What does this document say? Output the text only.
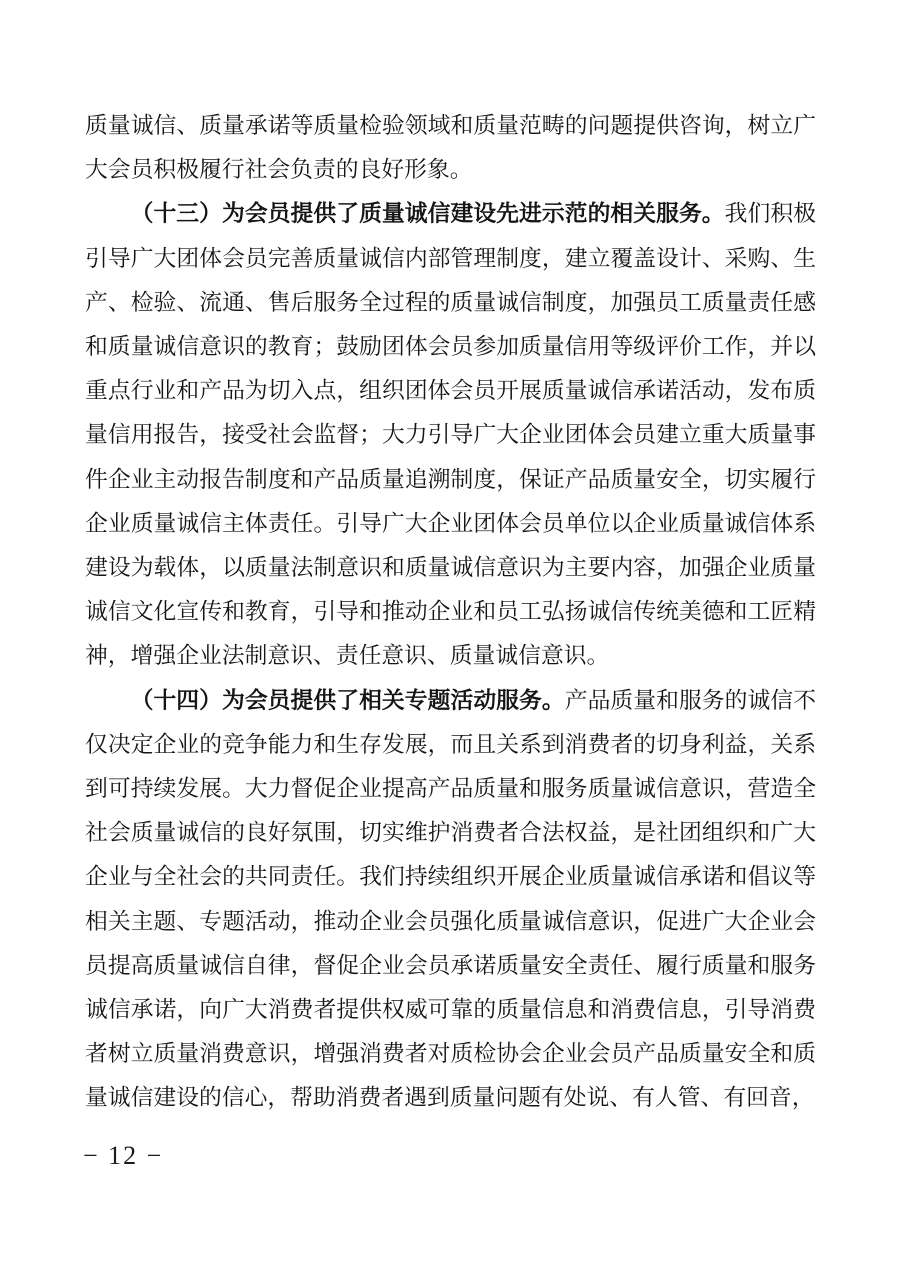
质量诚信、质量承诺等质量检验领域和质量范畴的问题提供咨询，树立广大会员积极履行社会负责的良好形象。

（十三）为会员提供了质量诚信建设先进示范的相关服务。我们积极引导广大团体会员完善质量诚信内部管理制度，建立覆盖设计、采购、生产、检验、流通、售后服务全过程的质量诚信制度，加强员工质量责任感和质量诚信意识的教育；鼓励团体会员参加质量信用等级评价工作，并以重点行业和产品为切入点，组织团体会员开展质量诚信承诺活动，发布质量信用报告，接受社会监督；大力引导广大企业团体会员建立重大质量事件企业主动报告制度和产品质量追溯制度，保证产品质量安全，切实履行企业质量诚信主体责任。引导广大企业团体会员单位以企业质量诚信体系建设为载体，以质量法制意识和质量诚信意识为主要内容，加强企业质量诚信文化宣传和教育，引导和推动企业和员工弘扬诚信传统美德和工匠精神，增强企业法制意识、责任意识、质量诚信意识。

（十四）为会员提供了相关专题活动服务。产品质量和服务的诚信不仅决定企业的竞争能力和生存发展，而且关系到消费者的切身利益，关系到可持续发展。大力督促企业提高产品质量和服务质量诚信意识，营造全社会质量诚信的良好氛围，切实维护消费者合法权益，是社团组织和广大企业与全社会的共同责任。我们持续组织开展企业质量诚信承诺和倡议等相关主题、专题活动，推动企业会员强化质量诚信意识，促进广大企业会员提高质量诚信自律，督促企业会员承诺质量安全责任、履行质量和服务诚信承诺，向广大消费者提供权威可靠的质量信息和消费信息，引导消费者树立质量消费意识，增强消费者对质检协会企业会员产品质量安全和质量诚信建设的信心，帮助消费者遇到质量问题有处说、有人管、有回音，

− 12 −
